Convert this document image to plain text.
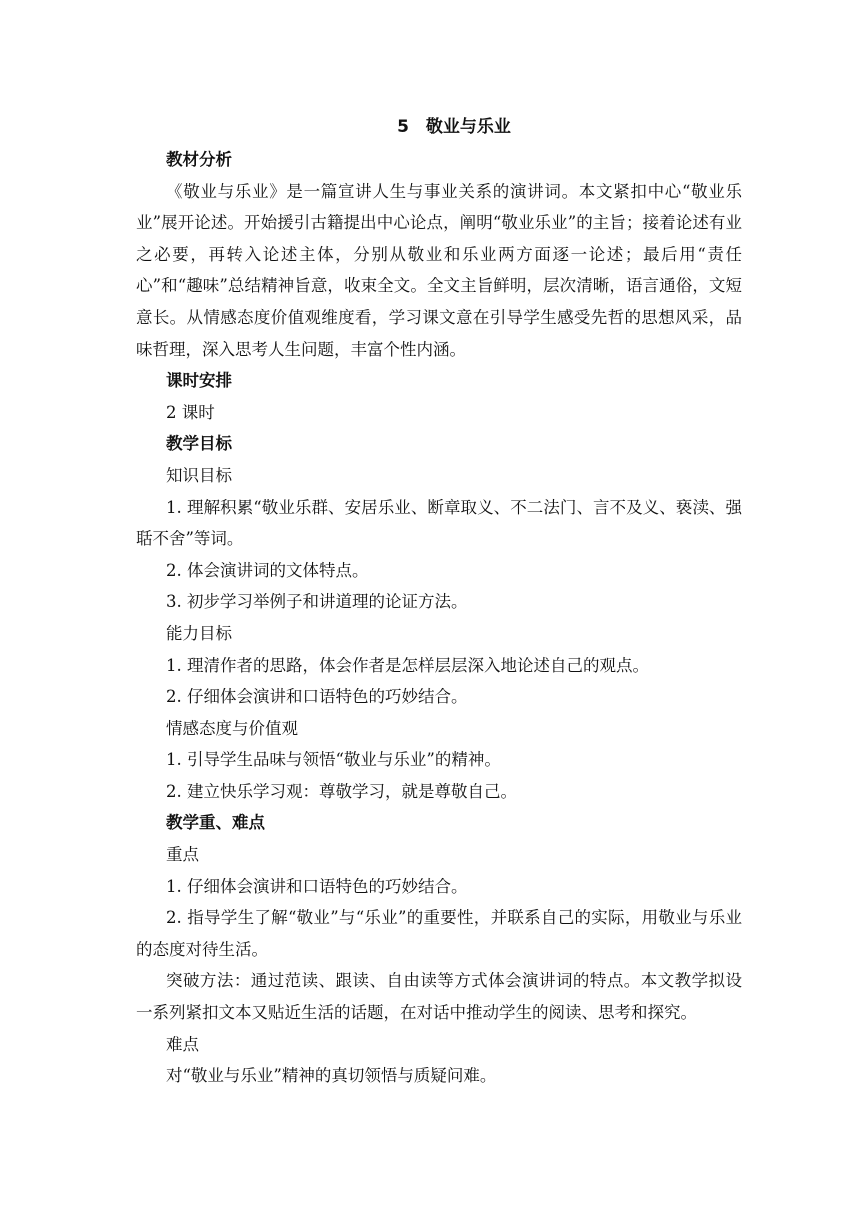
5　敬业与乐业

教材分析

《敬业与乐业》是一篇宣讲人生与事业关系的演讲词。本文紧扣中心“敬业乐业”展开论述。开始援引古籍提出中心论点，阐明“敬业乐业”的主旨；接着论述有业之必要，再转入论述主体，分别从敬业和乐业两方面逐一论述；最后用“责任心”和“趣味”总结精神旨意，收束全文。全文主旨鲜明，层次清晰，语言通俗，文短意长。从情感态度价值观维度看，学习课文意在引导学生感受先哲的思想风采，品味哲理，深入思考人生问题，丰富个性内涵。

课时安排

2 课时

教学目标

知识目标

1. 理解积累“敬业乐群、安居乐业、断章取义、不二法门、言不及义、亵渎、强聒不舍”等词。

2. 体会演讲词的文体特点。

3. 初步学习举例子和讲道理的论证方法。

能力目标

1. 理清作者的思路，体会作者是怎样层层深入地论述自己的观点。

2. 仔细体会演讲和口语特色的巧妙结合。

情感态度与价值观

1. 引导学生品味与领悟“敬业与乐业”的精神。

2. 建立快乐学习观：尊敬学习，就是尊敬自己。

教学重、难点

重点

1. 仔细体会演讲和口语特色的巧妙结合。

2. 指导学生了解“敬业”与“乐业”的重要性，并联系自己的实际，用敬业与乐业的态度对待生活。

突破方法：通过范读、跟读、自由读等方式体会演讲词的特点。本文教学拟设一系列紧扣文本又贴近生活的话题，在对话中推动学生的阅读、思考和探究。

难点

对“敬业与乐业”精神的真切领悟与质疑问难。
